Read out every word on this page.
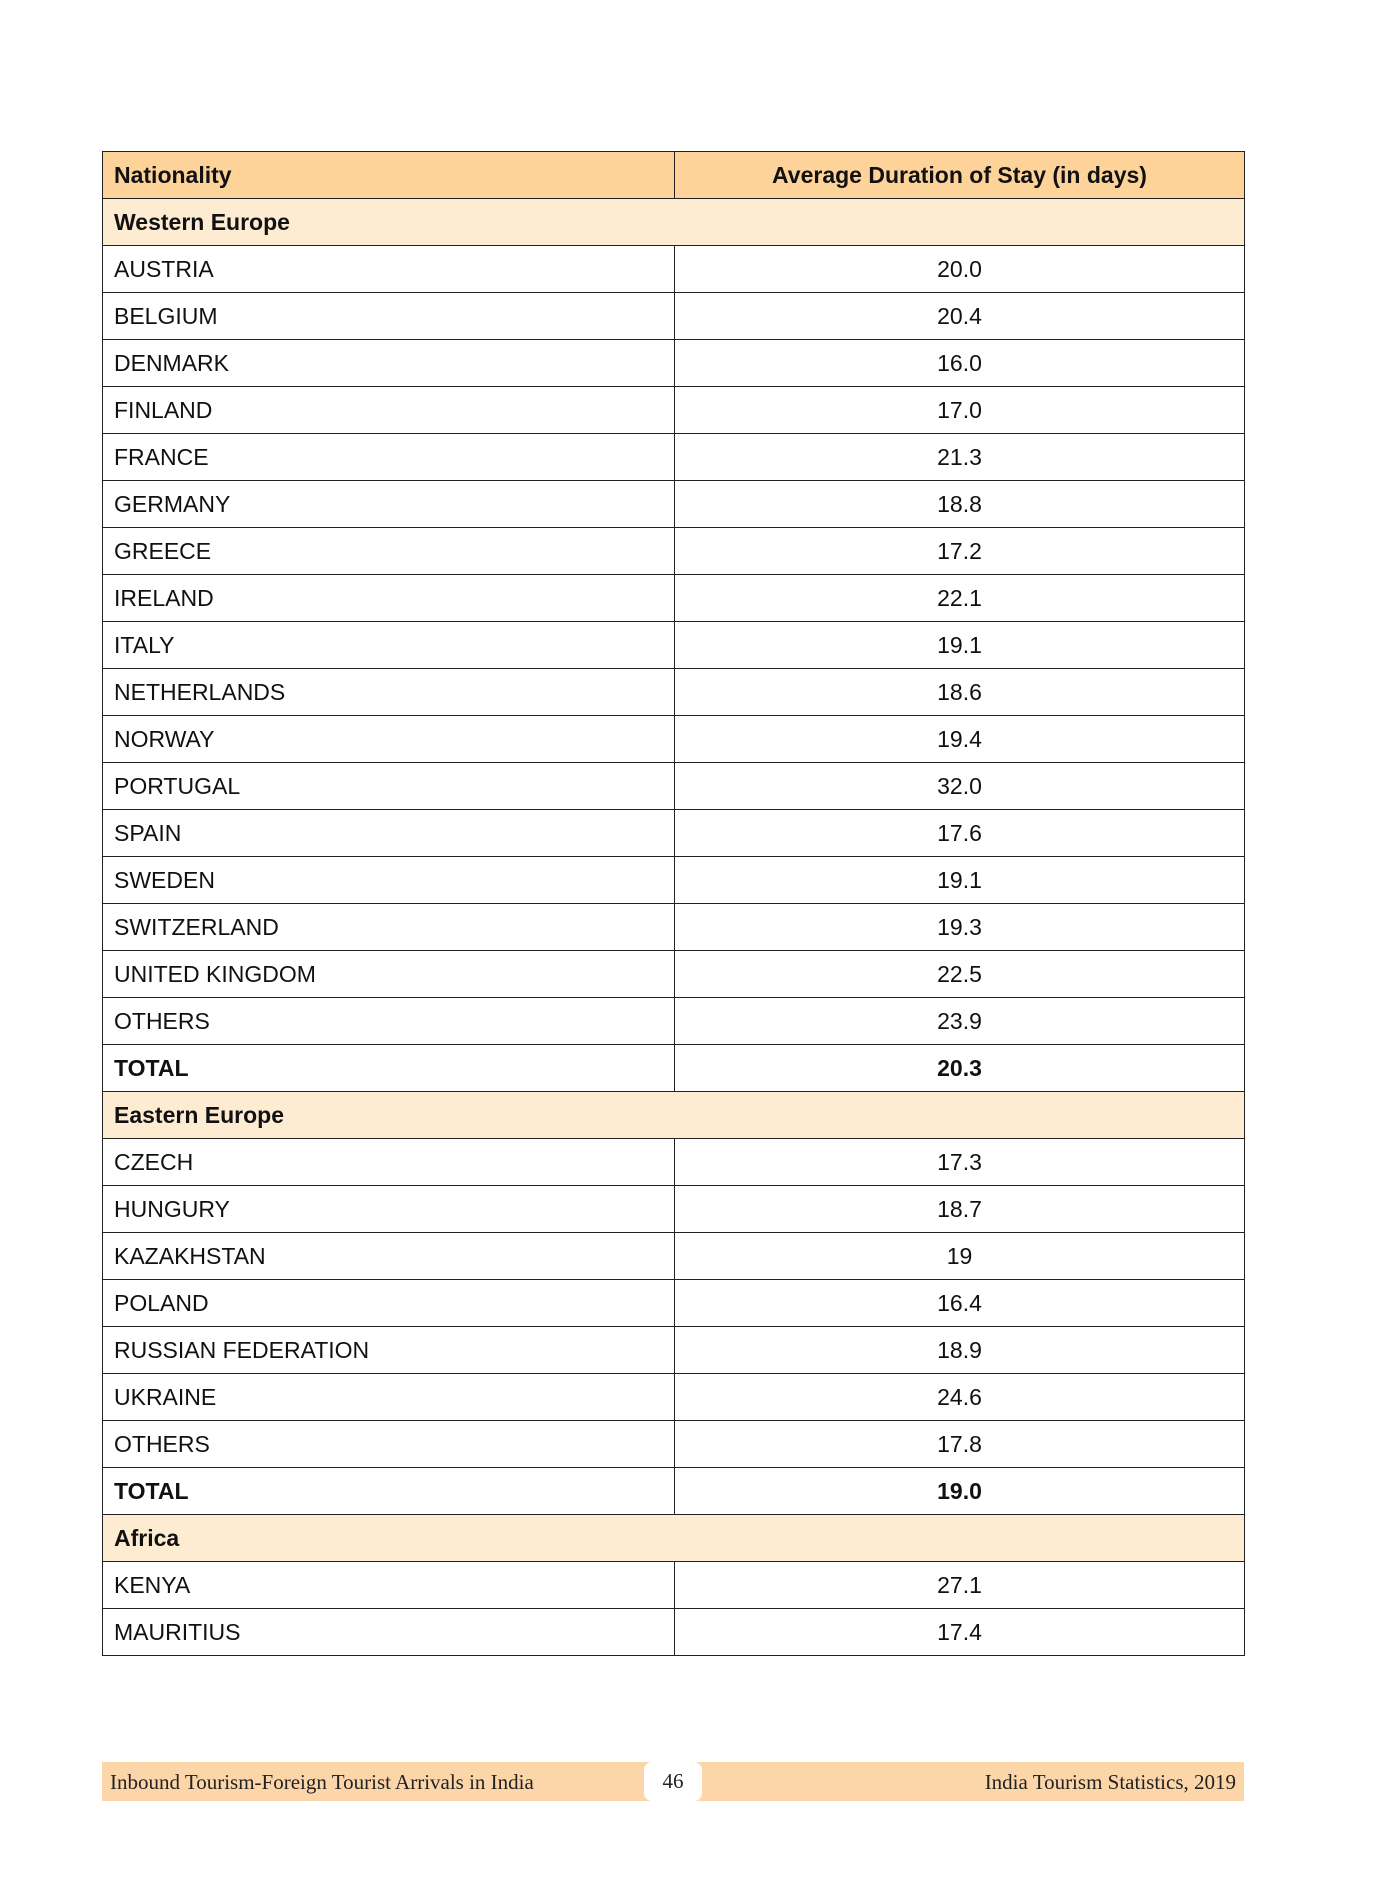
Nationality	Average Duration of Stay (in days)
Western Europe	
AUSTRIA	20.0
BELGIUM	20.4
DENMARK	16.0
FINLAND	17.0
FRANCE	21.3
GERMANY	18.8
GREECE	17.2
IRELAND	22.1
ITALY	19.1
NETHERLANDS	18.6
NORWAY	19.4
PORTUGAL	32.0
SPAIN	17.6
SWEDEN	19.1
SWITZERLAND	19.3
UNITED KINGDOM	22.5
OTHERS	23.9
TOTAL	20.3
Eastern Europe	
CZECH	17.3
HUNGURY	18.7
KAZAKHSTAN	19
POLAND	16.4
RUSSIAN FEDERATION	18.9
UKRAINE	24.6
OTHERS	17.8
TOTAL	19.0
Africa	
KENYA	27.1
MAURITIUS	17.4
Inbound Tourism-Foreign Tourist Arrivals in India	46	India Tourism Statistics, 2019
